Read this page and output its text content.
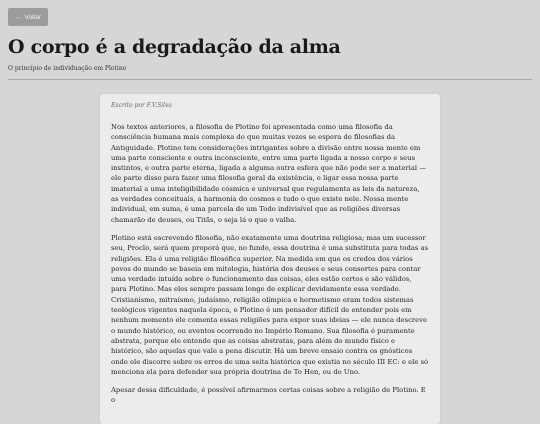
← Voltar
O corpo é a degradação da alma
O princípio de individuação em Plotino

Escrito por F.V.Silva

Nos textos anteriores, a filosofia de Plotino foi apresentada como uma filosofia da consciência humana mais complexa do que muitas vezes se espera de filosofias da Antiguidade. Plotino tem considerações intrigantes sobre a divisão entre nossa mente em uma parte consciente e outra inconsciente, entre uma parte ligada a nosso corpo e seus instintos, e outra parte eterna, ligada a alguma outra esfera que não pode ser a material — ele parte disso para fazer uma filosofia geral da existência, e ligar essa nossa parte imaterial a uma inteligibilidade cósmica e universal que regulamenta as leis da natureza, as verdades conceituais, a harmonia do cosmos e tudo o que existe nele. Nossa mente individual, em suma, é uma parcela de um Todo indivisível que as religiões diversas chamarão de deuses, ou Titãs, o seja lá o que o valha.

Plotino está escrevendo filosofia, não exatamente uma doutrina religiosa; mas um sucessor seu, Proclo, será quem proporá que, no fundo, essa doutrina é uma substituta para todas as religiões. Ela é uma religião filosófica superior. Na medida em que os credos dos vários povos do mundo se baseia em mitologia, história dos deuses e seus consortes para contar uma verdade intuída sobre o funcionamento das coisas, eles estão certos e são válidos, para Plotino. Mas eles sempre passam longe de explicar devidamente essa verdade. Cristianismo, mitraísmo, judaísmo, religião olímpica e hermetismo eram todos sistemas teológicos vigentes naquela época, e Plotino é um pensador difícil de entender pois em nenhum momento ele comenta essas religiões para expor suas ideias — ele nunca descreve o mundo histórico, ou eventos ocorrendo no Império Romano. Sua filosofia é puramente abstrata, porque ele entende que as coisas abstratas, para além do mundo físico e histórico, são aquelas que vale a pena discutir. Há um breve ensaio contra os gnósticos onde ele discorre sobre os erros de uma seita histórica que existia no século III EC: e ele só menciona ela para defender sua própria doutrina do To Hen, ou do Uno.

Apesar dessa dificuldade, é possível afirmarmos certas coisas sobre a religião de Plotino. E o
